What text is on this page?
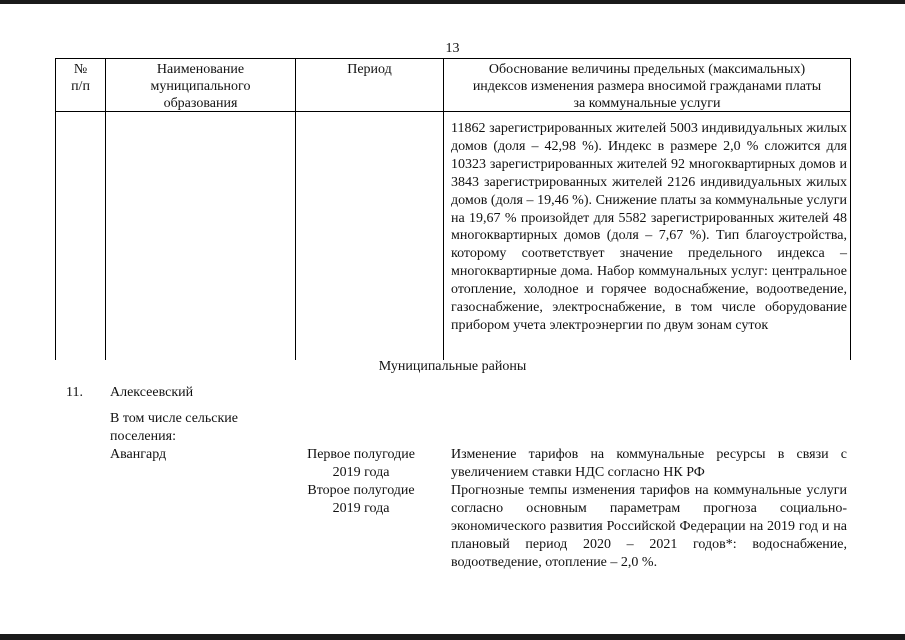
13
№
п/п
Наименование
муниципального
образования
Период	Обоснование величины предельных (максимальных)
индексов изменения размера вносимой гражданами платы
за коммунальные услуги
11862 зарегистрированных жителей 5003 индивидуальных жилых домов (доля – 42,98 %). Индекс в размере 2,0 % сложится для 10323 зарегистрированных жителей 92 многоквартирных домов и 3843 зарегистрированных жителей 2126 индивидуальных жилых домов (доля – 19,46 %). Снижение платы за коммунальные услуги на 19,67 % произойдет для 5582 зарегистрированных жителей 48 многоквартирных домов (доля – 7,67 %). Тип благоустройства, которому соответствует значение предельного индекса – многоквартирные дома. Набор коммунальных услуг: центральное отопление, холодное и горячее водоснабжение, водоотведение, газоснабжение, электроснабжение, в том числе оборудование прибором учета электроэнергии по двум зонам суток
Муниципальные районы
11. Алексеевский
В том числе сельские
поселения:
Авангард	Первое полугодие
2019 года
Изменение тарифов на коммунальные ресурсы в связи с увеличением ставки НДС согласно НК РФ
Второе полугодие
2019 года
Прогнозные темпы изменения тарифов на коммунальные услуги согласно основным параметрам прогноза социально-экономического развития Российской Федерации на 2019 год и на плановый период 2020 – 2021 годов*: водоснабжение, водоотведение, отопление – 2,0 %.
